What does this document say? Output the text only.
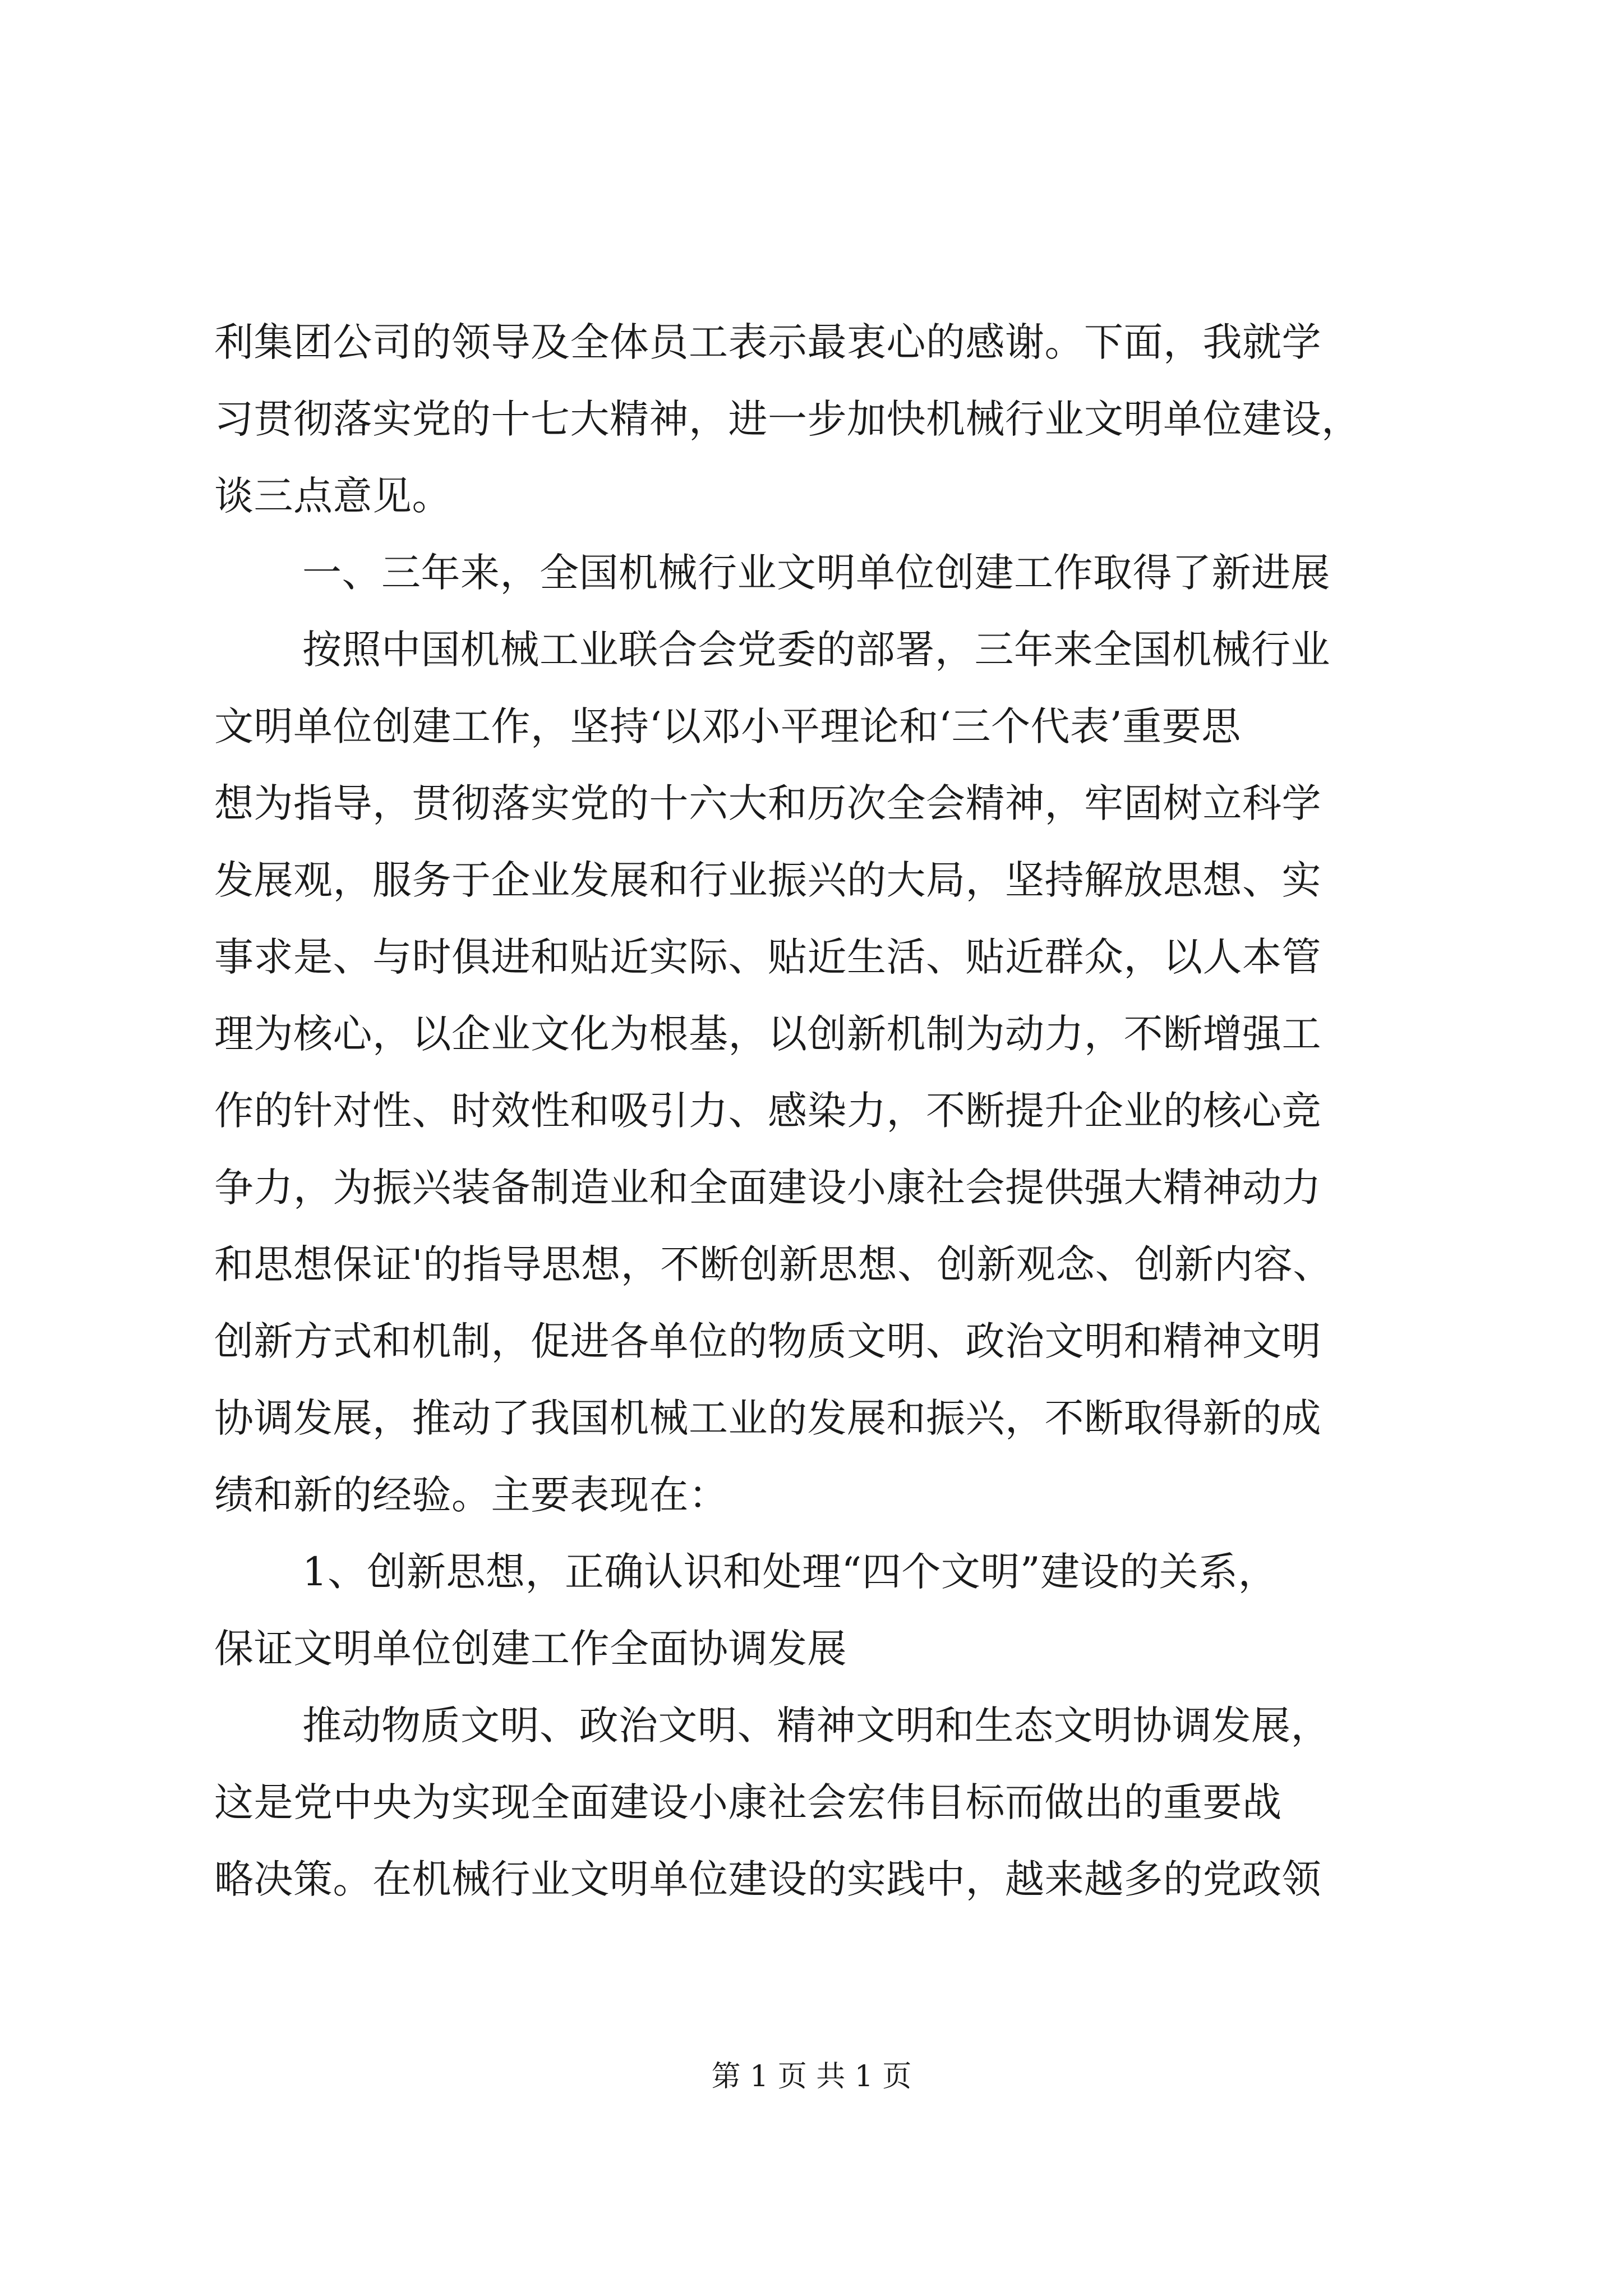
利集团公司的领导及全体员工表示最衷心的感谢。下面，我就学
习贯彻落实党的十七大精神，进一步加快机械行业文明单位建设，
谈三点意见。
一、三年来，全国机械行业文明单位创建工作取得了新进展
按照中国机械工业联合会党委的部署，三年来全国机械行业
文明单位创建工作，坚持‘以邓小平理论和‘三个代表’重要思
想为指导，贯彻落实党的十六大和历次全会精神，牢固树立科学
发展观，服务于企业发展和行业振兴的大局，坚持解放思想、实
事求是、与时俱进和贴近实际、贴近生活、贴近群众，以人本管
理为核心，以企业文化为根基，以创新机制为动力，不断增强工
作的针对性、时效性和吸引力、感染力，不断提升企业的核心竞
争力，为振兴装备制造业和全面建设小康社会提供强大精神动力
和思想保证'的指导思想，不断创新思想、创新观念、创新内容、
创新方式和机制，促进各单位的物质文明、政治文明和精神文明
协调发展，推动了我国机械工业的发展和振兴，不断取得新的成
绩和新的经验。主要表现在：
1、创新思想，正确认识和处理“四个文明”建设的关系，
保证文明单位创建工作全面协调发展
推动物质文明、政治文明、精神文明和生态文明协调发展，
这是党中央为实现全面建设小康社会宏伟目标而做出的重要战
略决策。在机械行业文明单位建设的实践中，越来越多的党政领
第 1 页 共 1 页
